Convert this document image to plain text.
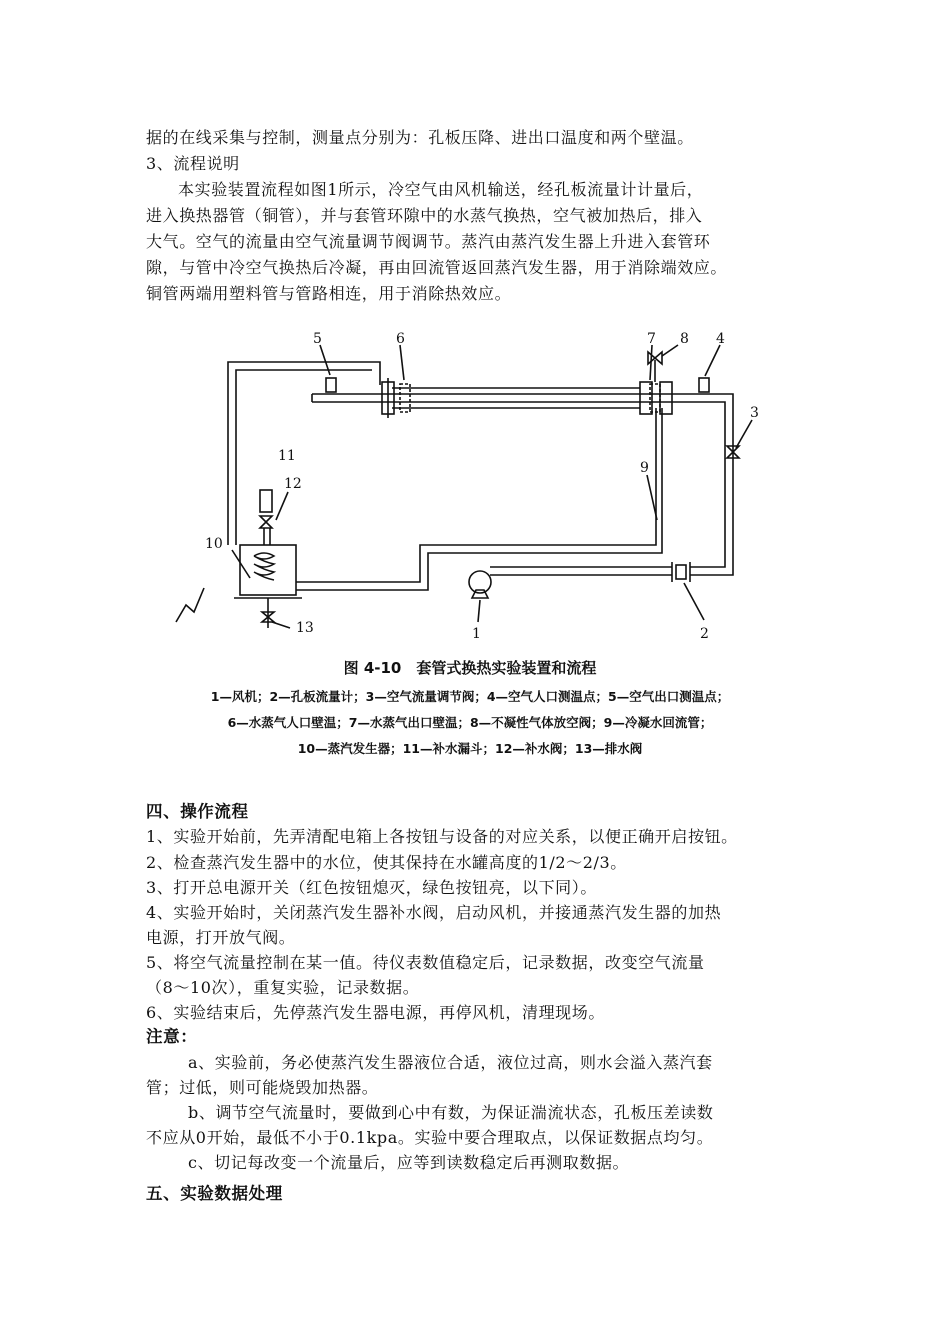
据的在线采集与控制，测量点分别为：孔板压降、进出口温度和两个壁温。
3、流程说明
本实验装置流程如图1所示，冷空气由风机输送，经孔板流量计计量后，
进入换热器管（铜管），并与套管环隙中的水蒸气换热，空气被加热后，排入
大气。空气的流量由空气流量调节阀调节。蒸汽由蒸汽发生器上升进入套管环
隙，与管中冷空气换热后冷凝，再由回流管返回蒸汽发生器，用于消除端效应。
铜管两端用塑料管与管路相连，用于消除热效应。
1	2
3
4
5	6	7 8
9
10
11
12
13
图 4-10　套管式换热实验装置和流程
1—风机；2—孔板流量计；3—空气流量调节阀；4—空气人口测温点；5—空气出口测温点；
6—水蒸气人口壁温；7—水蒸气出口壁温；8—不凝性气体放空阀；9—冷凝水回流管；
10—蒸汽发生器；11—补水漏斗；12—补水阀；13—排水阀
四、操作流程
1、实验开始前，先弄清配电箱上各按钮与设备的对应关系，以便正确开启按钮。
2、检查蒸汽发生器中的水位，使其保持在水罐高度的1/2～2/3。
3、打开总电源开关（红色按钮熄灭，绿色按钮亮，以下同）。
4、实验开始时，关闭蒸汽发生器补水阀，启动风机，并接通蒸汽发生器的加热
电源，打开放气阀。
5、将空气流量控制在某一值。待仪表数值稳定后，记录数据，改变空气流量
（8～10次），重复实验，记录数据。
6、实验结束后，先停蒸汽发生器电源，再停风机，清理现场。
注意：
a、实验前，务必使蒸汽发生器液位合适，液位过高，则水会溢入蒸汽套
管；过低，则可能烧毁加热器。
b、调节空气流量时，要做到心中有数，为保证湍流状态，孔板压差读数
不应从0开始，最低不小于0.1kpa。实验中要合理取点，以保证数据点均匀。
c、切记每改变一个流量后，应等到读数稳定后再测取数据。
五、实验数据处理
